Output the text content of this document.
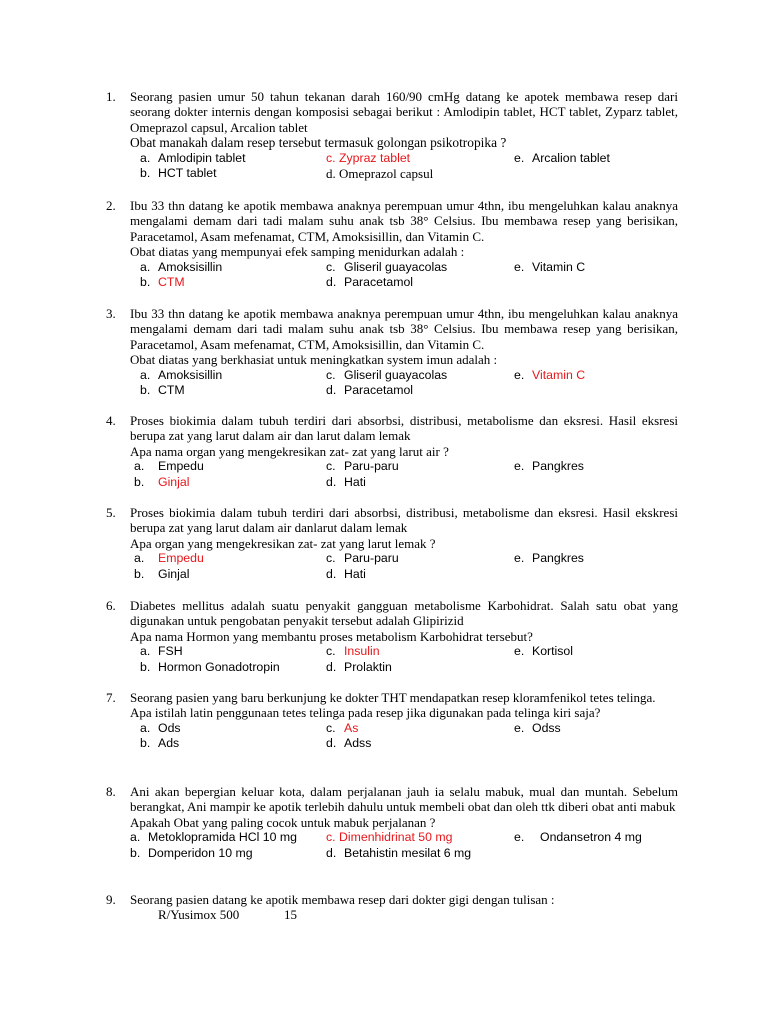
1. Seorang pasien umur 50 tahun tekanan darah 160/90 cmHg datang ke apotek membawa resep dari seorang dokter internis dengan komposisi sebagai berikut : Amlodipin tablet, HCT tablet, Zyparz tablet, Omeprazol capsul, Arcalion tablet
Obat manakah dalam resep tersebut termasuk golongan psikotropika ?
a. Amlodipin tablet	c. Zypraz tablet	e. Arcalion tablet
b. HCT tablet	d. Omeprazol capsul
2. Ibu 33 thn datang ke apotik membawa anaknya perempuan umur 4thn, ibu mengeluhkan kalau anaknya mengalami demam dari tadi malam suhu anak tsb 38° Celsius. Ibu membawa resep yang berisikan, Paracetamol, Asam mefenamat, CTM, Amoksisillin, dan Vitamin C.
Obat diatas yang mempunyai efek samping menidurkan adalah :
a. Amoksisillin	c. Gliseril guayacolas	e. Vitamin C
b. CTM	d. Paracetamol
3. Ibu 33 thn datang ke apotik membawa anaknya perempuan umur 4thn, ibu mengeluhkan kalau anaknya mengalami demam dari tadi malam suhu anak tsb 38° Celsius. Ibu membawa resep yang berisikan, Paracetamol, Asam mefenamat, CTM, Amoksisillin, dan Vitamin C.
Obat diatas yang berkhasiat untuk meningkatkan system imun adalah :
a. Amoksisillin	c. Gliseril guayacolas	e. Vitamin C
b. CTM	d. Paracetamol
4. Proses biokimia dalam tubuh terdiri dari absorbsi, distribusi, metabolisme dan eksresi. Hasil eksresi berupa zat yang larut dalam air dan larut dalam lemak
Apa nama organ yang mengekresikan zat- zat yang larut air ?
a. Empedu	c. Paru-paru	e. Pangkres
b. Ginjal	d. Hati
5. Proses biokimia dalam tubuh terdiri dari absorbsi, distribusi, metabolisme dan eksresi. Hasil ekskresi berupa zat yang larut dalam air danlarut dalam lemak
Apa organ yang mengekresikan zat- zat yang larut lemak ?
a. Empedu	c. Paru-paru	e. Pangkres
b. Ginjal	d. Hati
6. Diabetes mellitus adalah suatu penyakit gangguan metabolisme Karbohidrat. Salah satu obat yang digunakan untuk pengobatan penyakit tersebut adalah Glipirizid
Apa nama Hormon yang membantu proses metabolism Karbohidrat tersebut?
a. FSH	c. Insulin	e. Kortisol
b. Hormon Gonadotropin	d. Prolaktin
7. Seorang pasien yang baru berkunjung ke dokter THT mendapatkan resep kloramfenikol tetes telinga.
Apa istilah latin penggunaan tetes telinga pada resep jika digunakan pada telinga kiri saja?
a. Ods	c. As	e. Odss
b. Ads	d. Adss
8. Ani akan bepergian keluar kota, dalam perjalanan jauh ia selalu mabuk, mual dan muntah. Sebelum berangkat, Ani mampir ke apotik terlebih dahulu untuk membeli obat dan oleh ttk diberi obat anti mabuk
Apakah Obat yang paling cocok untuk mabuk perjalanan ?
a. Metoklopramida HCl 10 mg c. Dimenhidrinat 50 mg	e. Ondansetron 4 mg
b. Domperidon 10 mg	d. Betahistin mesilat 6 mg
9. Seorang pasien datang ke apotik membawa resep dari dokter gigi dengan tulisan :
R/Yusimox 500	15
